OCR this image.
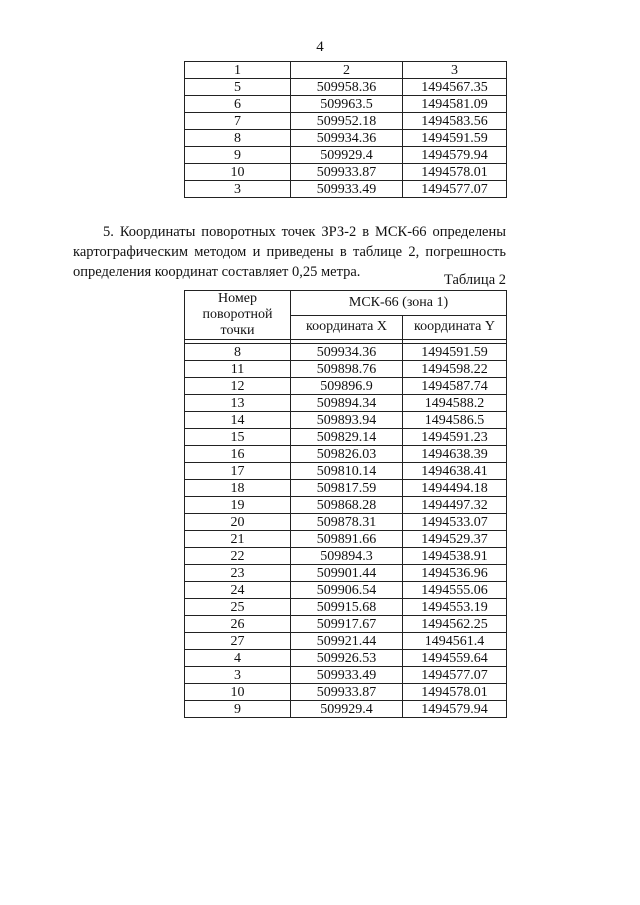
4
1	2	3
5	509958.36	1494567.35
6	509963.5	1494581.09
7	509952.18	1494583.56
8	509934.36	1494591.59
9	509929.4	1494579.94
10	509933.87	1494578.01
3	509933.49	1494577.07

5. Координаты поворотных точек ЗРЗ-2 в МСК-66 определены картографическим методом и приведены в таблице 2, погрешность определения координат составляет 0,25 метра.	Таблица 2
Номер поворотной точки	МСК-66 (зона 1)	
	координата X	координата Y

8	509934.36	1494591.59
11	509898.76	1494598.22
12	509896.9	1494587.74
13	509894.34	1494588.2
14	509893.94	1494586.5
15	509829.14	1494591.23
16	509826.03	1494638.39
17	509810.14	1494638.41
18	509817.59	1494494.18
19	509868.28	1494497.32
20	509878.31	1494533.07
21	509891.66	1494529.37
22	509894.3	1494538.91
23	509901.44	1494536.96
24	509906.54	1494555.06
25	509915.68	1494553.19
26	509917.67	1494562.25
27	509921.44	1494561.4
4	509926.53	1494559.64
3	509933.49	1494577.07
10	509933.87	1494578.01
9	509929.4	1494579.94
